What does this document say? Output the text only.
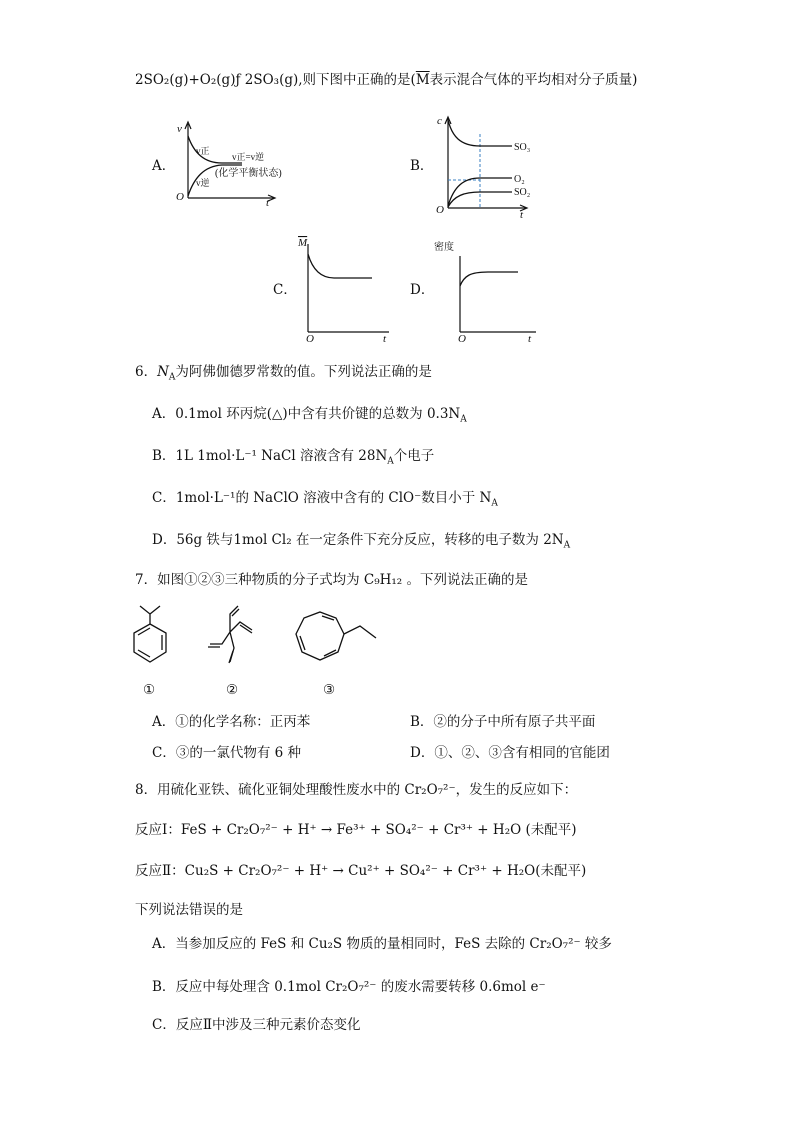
2SO₂(g)+O₂(g)ƒ 2SO₃(g),则下图中正确的是($\overline{M}$表示混合气体的平均相对分子质量)
A．	B．
C．	D．
v
v正
v逆
v正=v逆
(化学平衡状态)
O	t
c
SO₃
O₂
SO₂
O	t
M
O	t
密度
O	t
6．$N_A$为阿佛伽德罗常数的值。下列说法正确的是
A．0.1mol 环丙烷(△)中含有共价键的总数为 $0.3N_A$
B．1L 1mol·L⁻¹ NaCl 溶液含有 $28N_A$个电子
C．1mol·L⁻¹的 NaClO 溶液中含有的 ClO⁻数目小于 $N_A$
D．56g 铁与1mol Cl₂ 在一定条件下充分反应，转移的电子数为 $2N_A$
7．如图①②③三种物质的分子式均为 C₉H₁₂ 。下列说法正确的是
①	②	③
A．①的化学名称：正丙苯	B．②的分子中所有原子共平面
C．③的一氯代物有 6 种	D．①、②、③含有相同的官能团
8．用硫化亚铁、硫化亚铜处理酸性废水中的 Cr₂O₇²⁻，发生的反应如下：
反应Ⅰ：FeS + Cr₂O₇²⁻ + H⁺ → Fe³⁺ + SO₄²⁻ + Cr³⁺ + H₂O (未配平)
反应Ⅱ：Cu₂S + Cr₂O₇²⁻ + H⁺ → Cu²⁺ + SO₄²⁻ + Cr³⁺ + H₂O(未配平)
下列说法错误的是
A．当参加反应的 FeS 和 Cu₂S 物质的量相同时，FeS 去除的 Cr₂O₇²⁻ 较多
B．反应中每处理含 0.1mol Cr₂O₇²⁻ 的废水需要转移 0.6mol e⁻
C．反应Ⅱ中涉及三种元素价态变化
